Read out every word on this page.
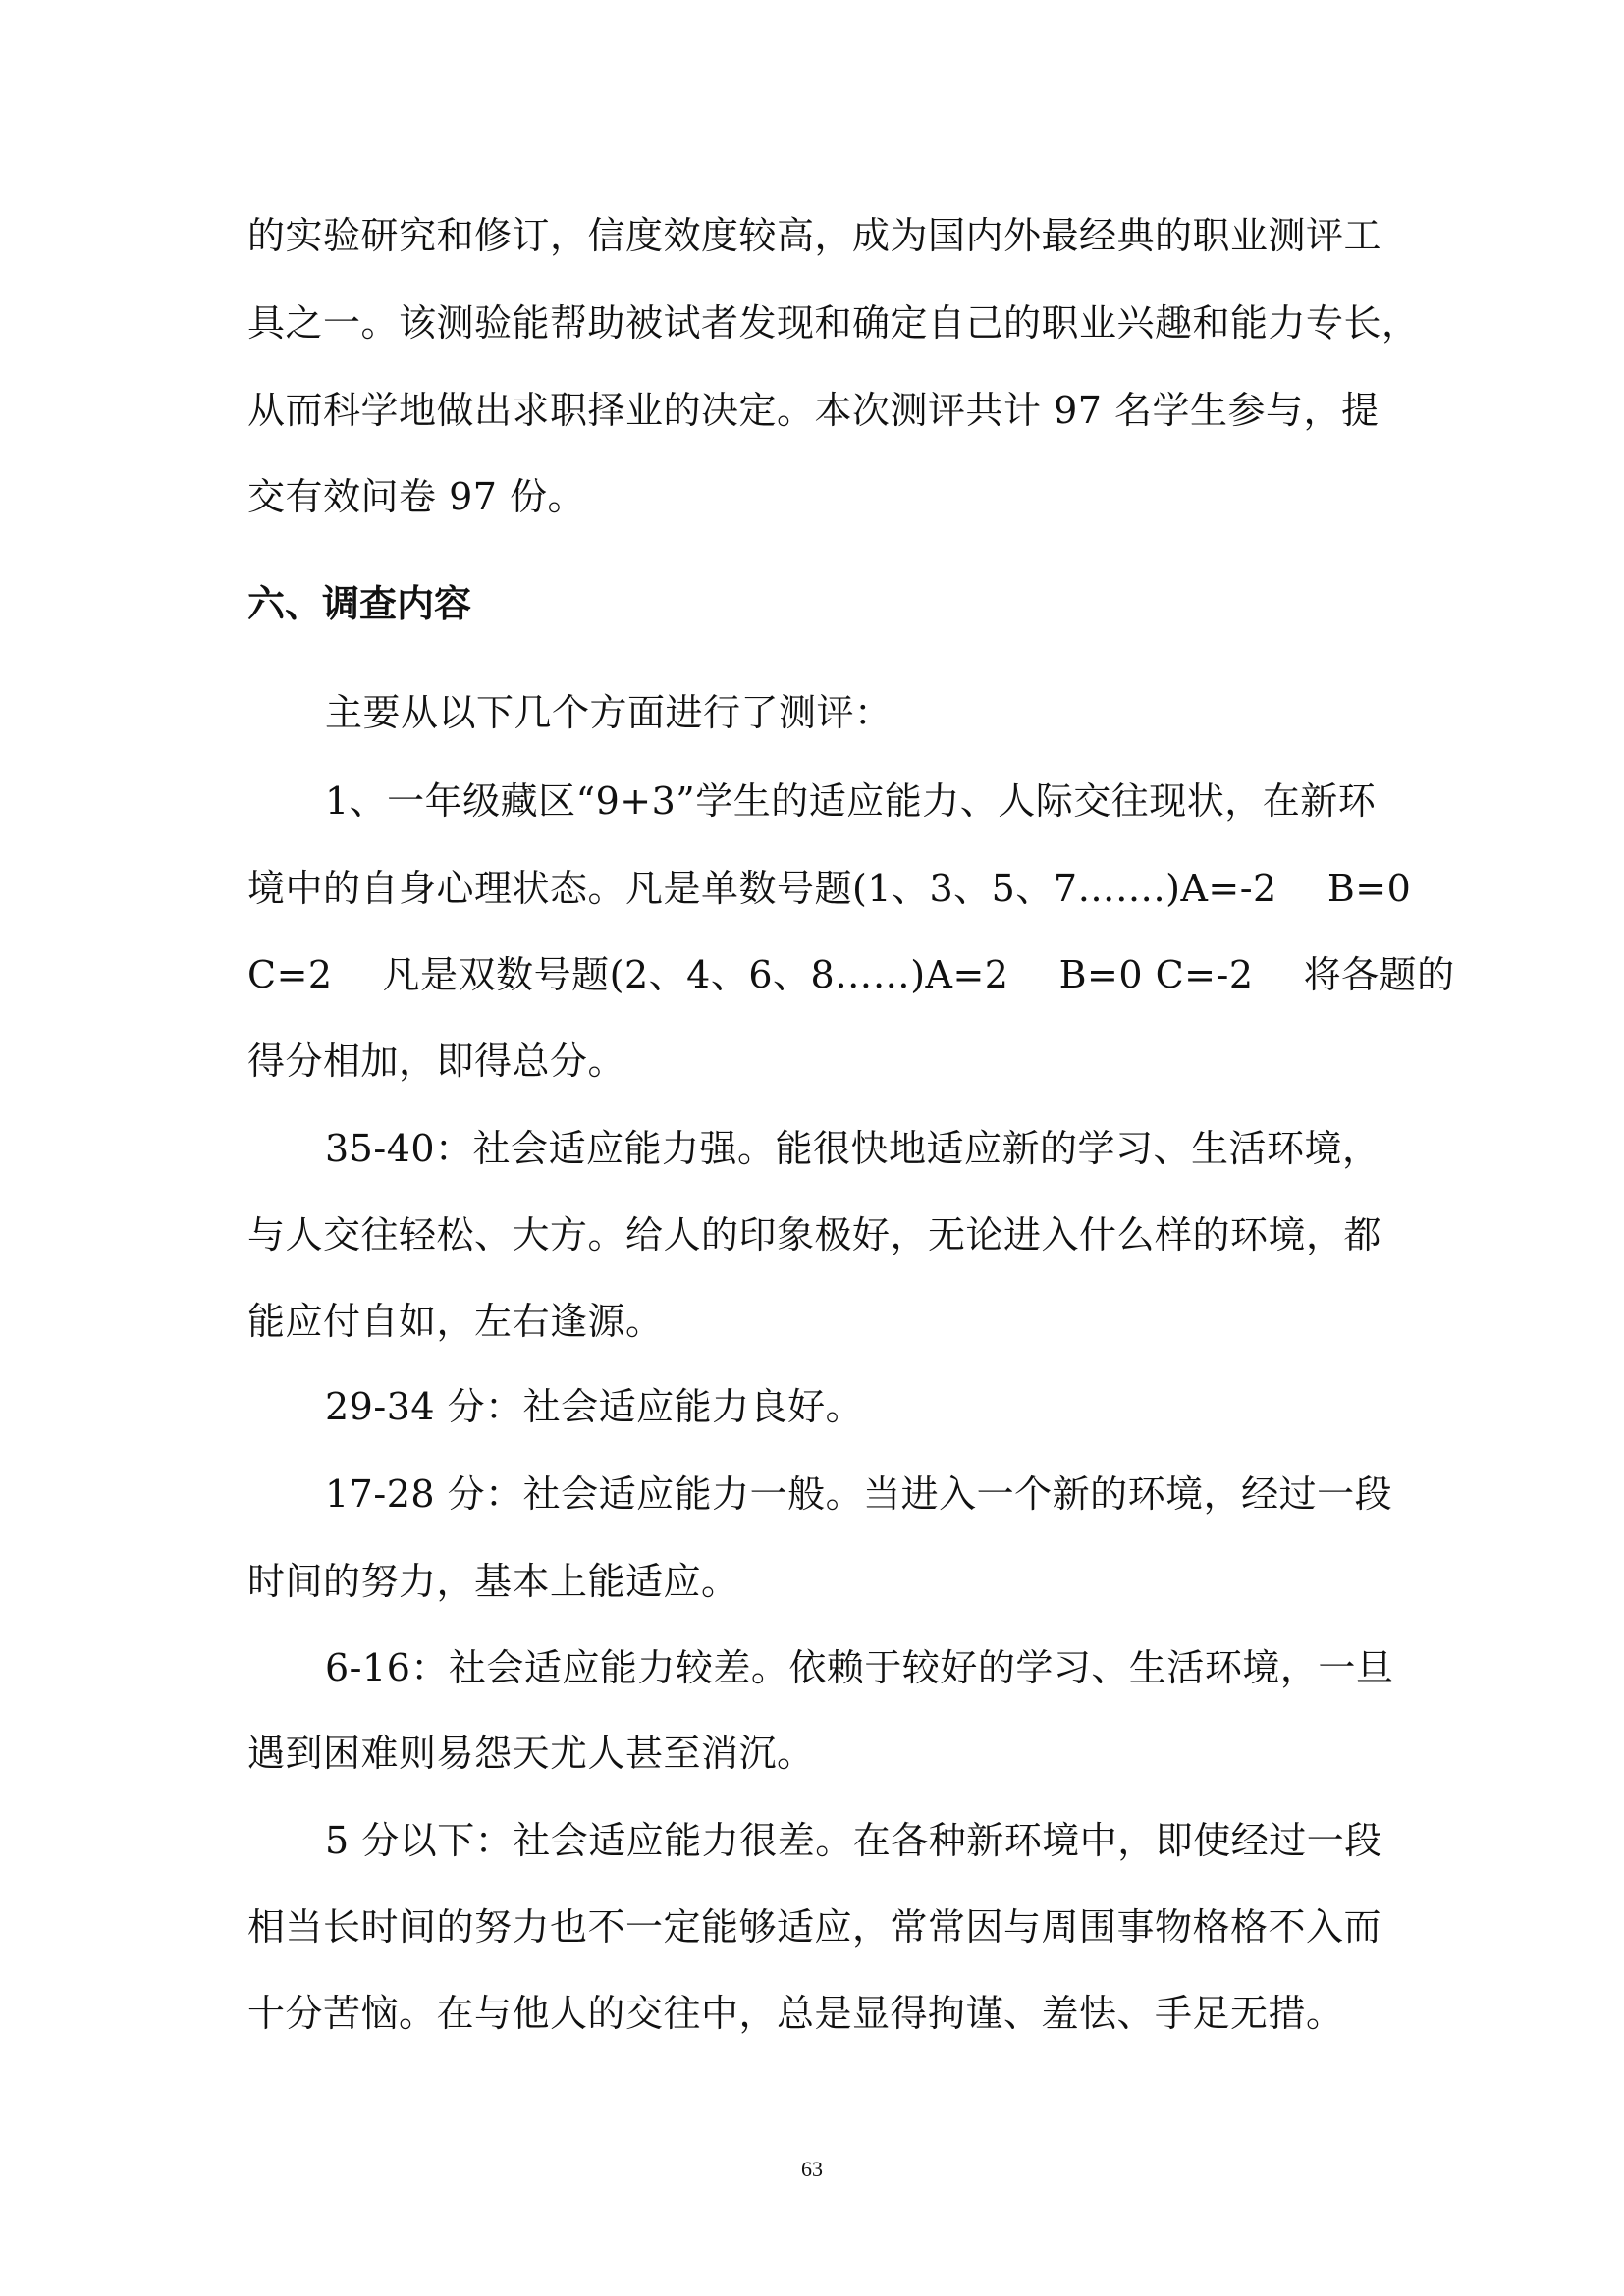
的实验研究和修订，信度效度较高，成为国内外最经典的职业测评工
具之一。该测验能帮助被试者发现和确定自己的职业兴趣和能力专长，
从而科学地做出求职择业的决定。本次测评共计 97 名学生参与，提
交有效问卷 97 份。
六、调查内容
主要从以下几个方面进行了测评：
1、一年级藏区“9+3”学生的适应能力、人际交往现状，在新环
境中的自身心理状态。凡是单数号题(1、3、5、7…….)A=-2　 B=0
C=2　 凡是双数号题(2、4、6、8……)A=2　 B=0 C=-2　 将各题的
得分相加，即得总分。
35-40：社会适应能力强。能很快地适应新的学习、生活环境，
与人交往轻松、大方。给人的印象极好，无论进入什么样的环境，都
能应付自如，左右逢源。
29-34 分：社会适应能力良好。
17-28 分：社会适应能力一般。当进入一个新的环境，经过一段
时间的努力，基本上能适应。
6-16：社会适应能力较差。依赖于较好的学习、生活环境，一旦
遇到困难则易怨天尤人甚至消沉。
5 分以下：社会适应能力很差。在各种新环境中，即使经过一段
相当长时间的努力也不一定能够适应，常常因与周围事物格格不入而
十分苦恼。在与他人的交往中，总是显得拘谨、羞怯、手足无措。
63
